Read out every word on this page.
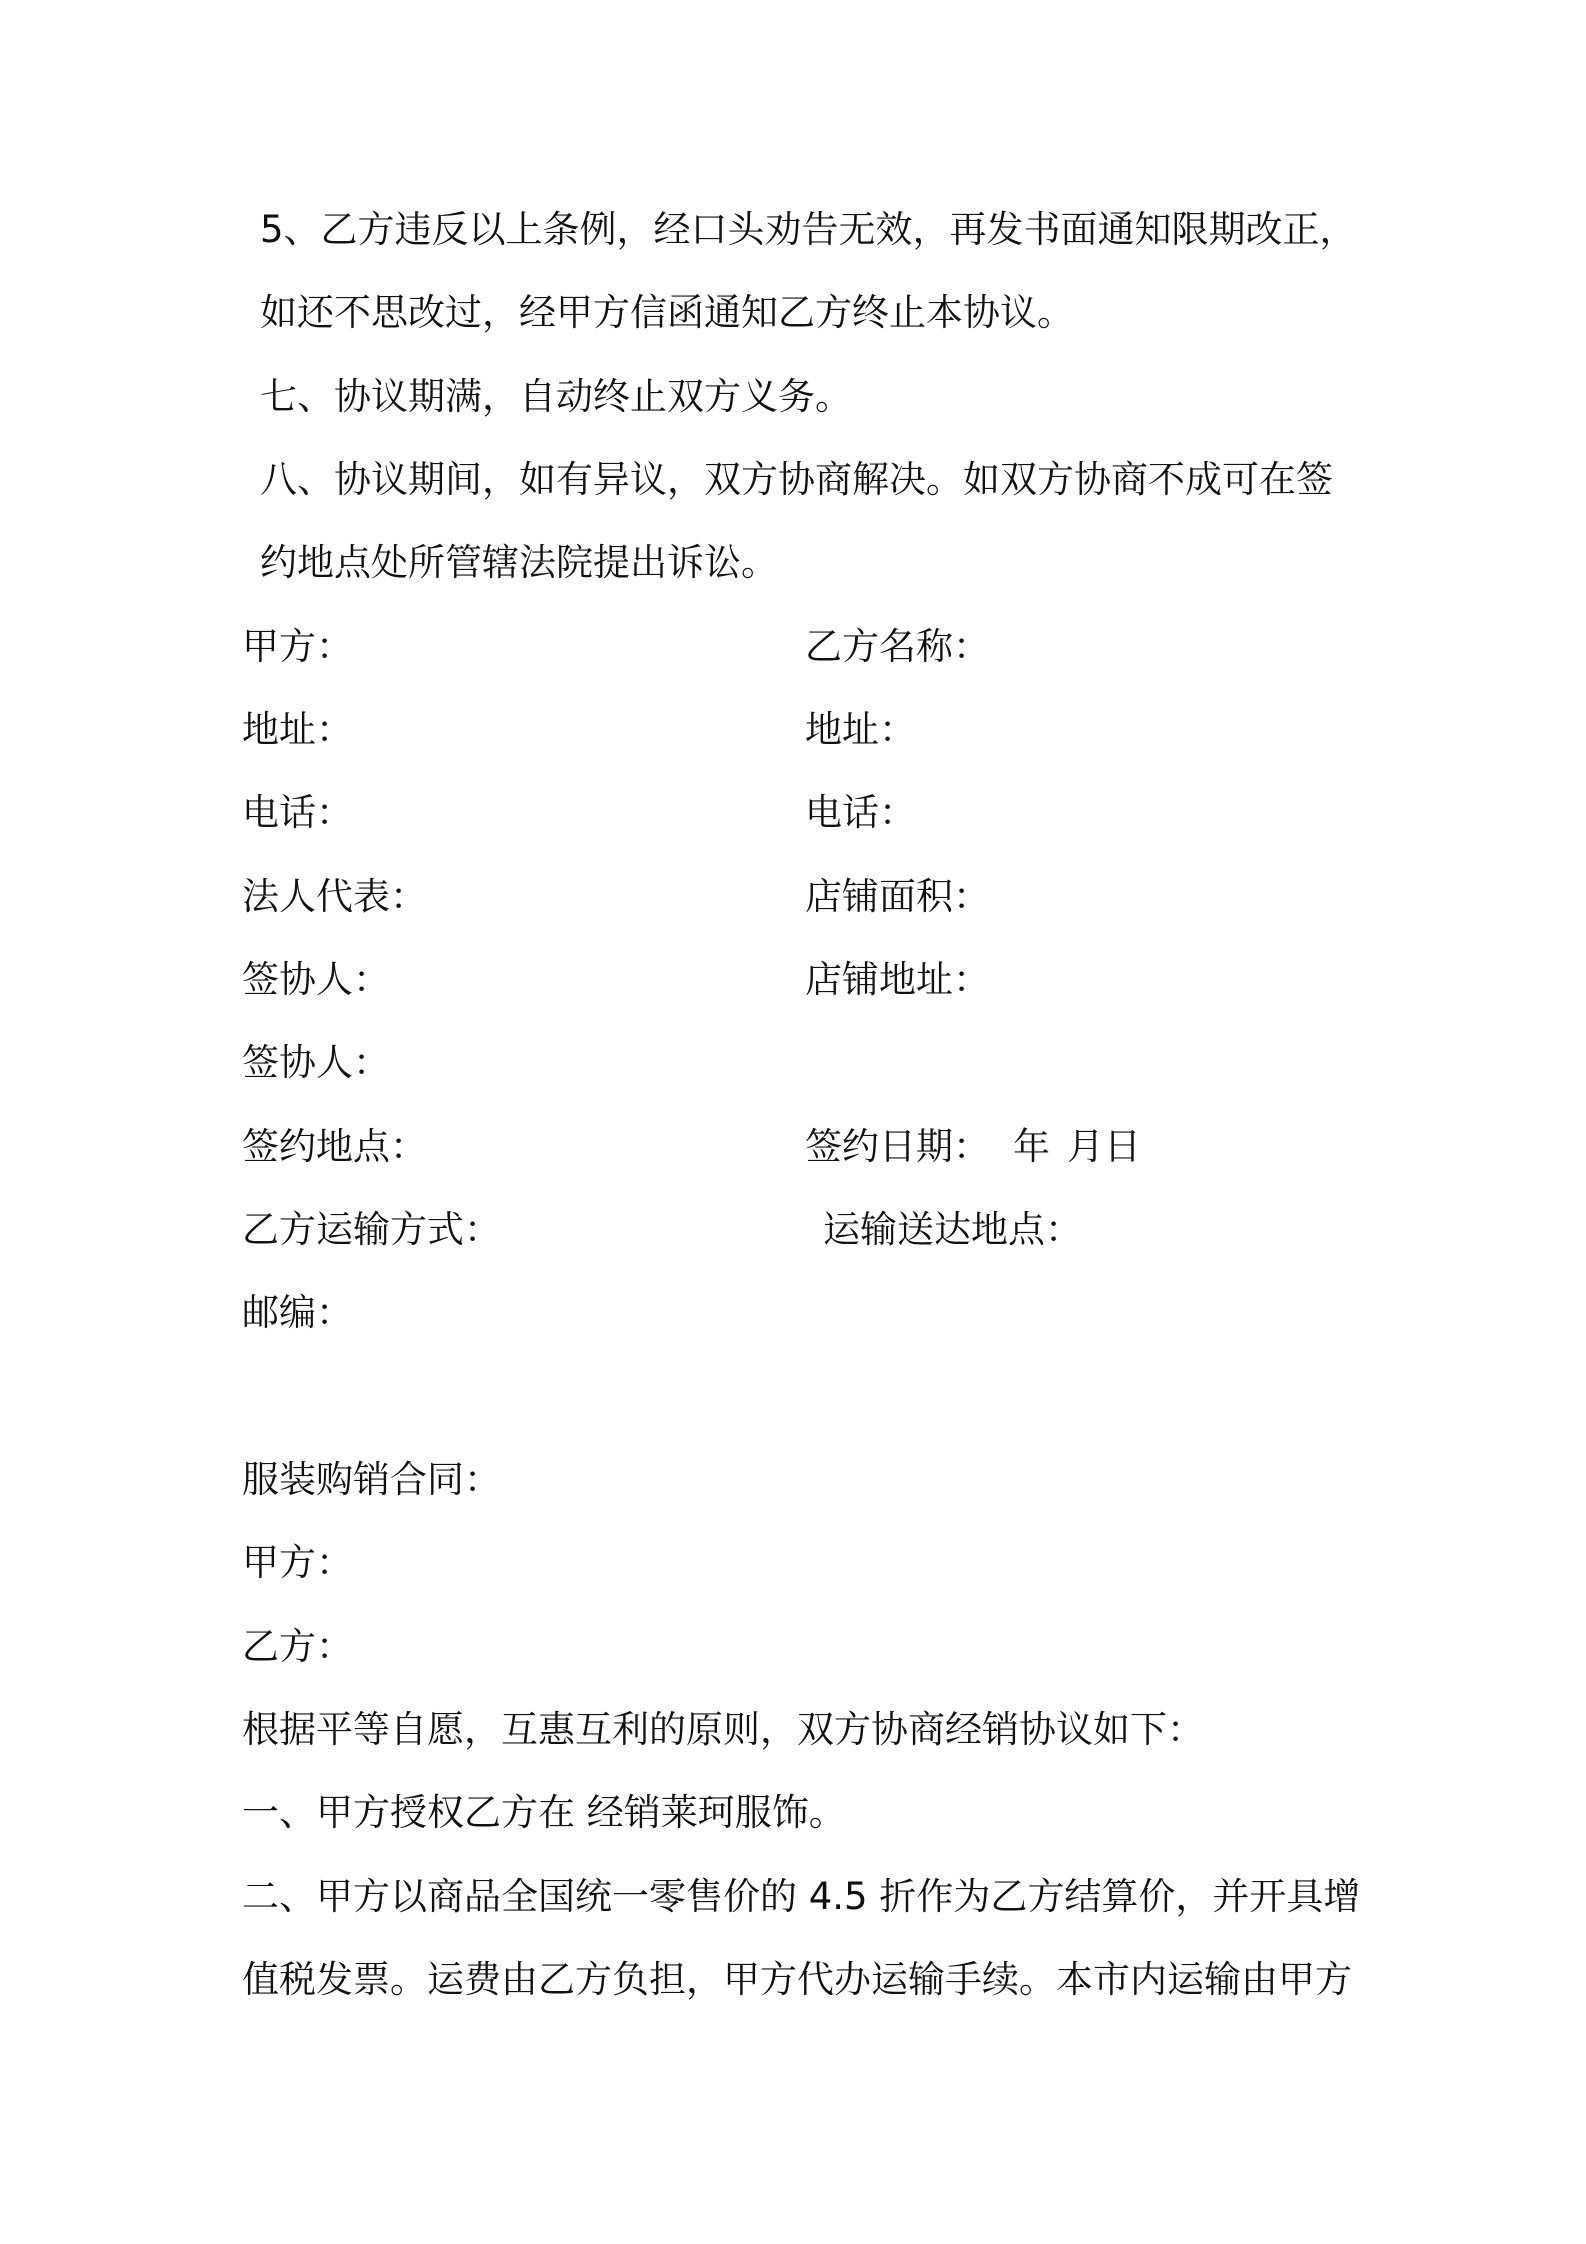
5、乙方违反以上条例，经口头劝告无效，再发书面通知限期改正，
如还不思改过，经甲方信函通知乙方终止本协议。
七、协议期满，自动终止双方义务。
八、协议期间，如有异议，双方协商解决。如双方协商不成可在签
约地点处所管辖法院提出诉讼。
甲方：	乙方名称：
地址：	地址：
电话：	电话：
法人代表：	店铺面积：
签协人：	店铺地址：
签协人：
签约地点：	签约日期： 年 月日
乙方运输方式：	运输送达地点：
邮编：
服装购销合同：
甲方：
乙方：
根据平等自愿，互惠互利的原则，双方协商经销协议如下：
一、甲方授权乙方在 经销莱珂服饰。
二、甲方以商品全国统一零售价的 4.5 折作为乙方结算价，并开具增
值税发票。运费由乙方负担，甲方代办运输手续。本市内运输由甲方
